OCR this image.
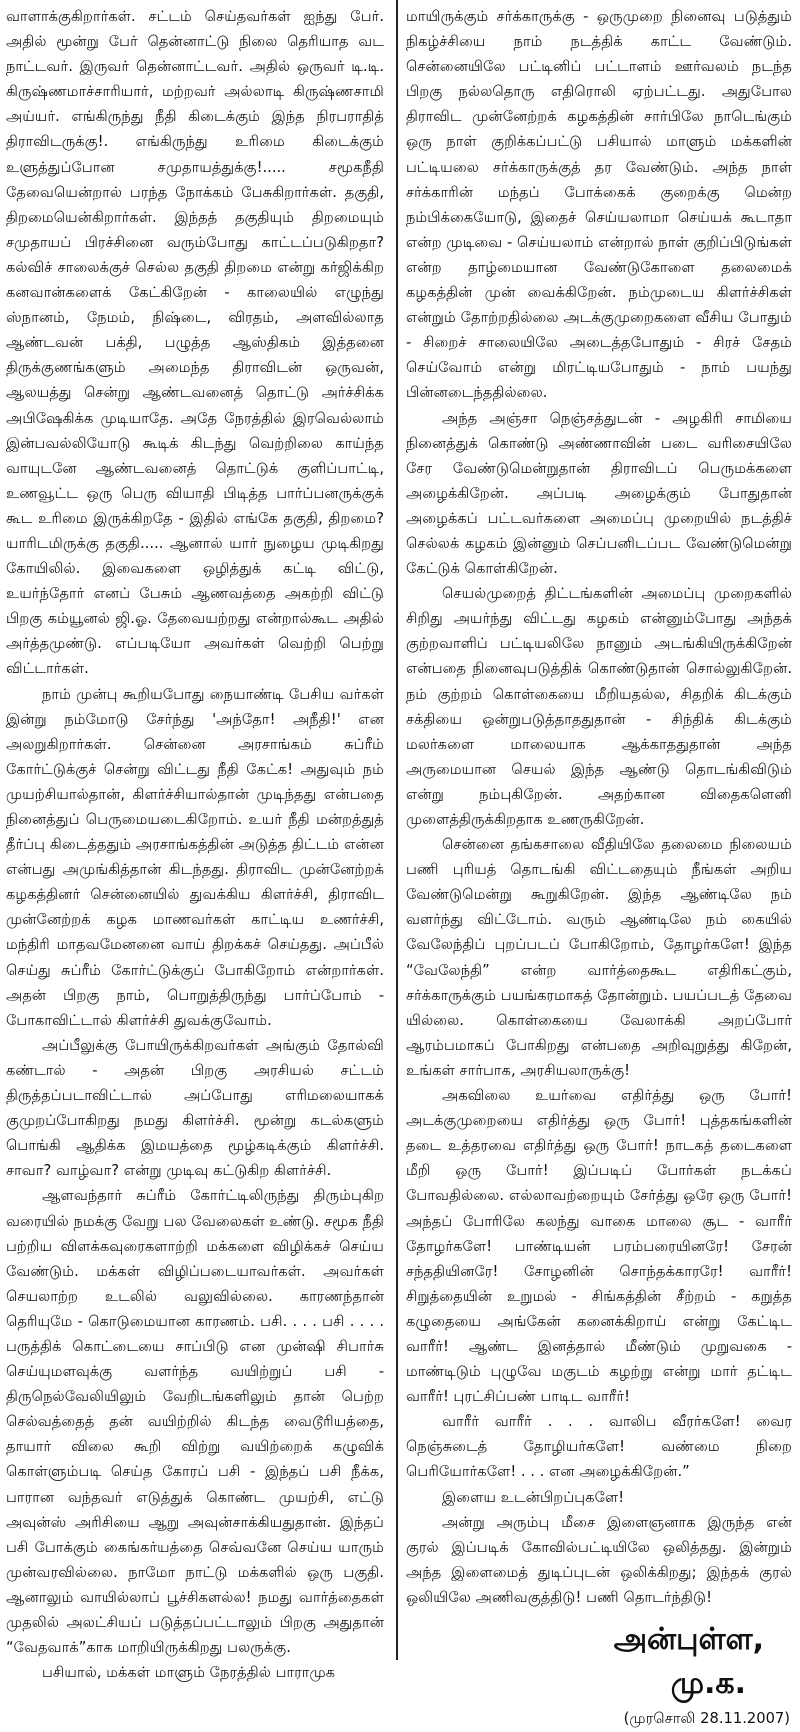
வாளாக்குகிறார்கள். சட்டம் செய்தவர்கள் ஐந்து பேர். அதில் மூன்று பேர் தென்னாட்டு நிலை தெரியாத வட நாட்டவர். இருவர் தென்னாட்டவர். அதில் ஒருவர் டி.டி. கிருஷ்ணமாச்சாரியார், மற்றவர் அல்லாடி கிருஷ்ணசாமி அய்யர். எங்கிருந்து நீதி கிடைக்கும் இந்த நிரபராதித் திராவிடருக்கு!. எங்கிருந்து உரிமை கிடைக்கும் உளுத்துப்போன சமுதாயத்துக்கு!..... சமூகநீதி தேவையென்றால் பரந்த நோக்கம் பேசுகிறார்கள். தகுதி, திறமையென்கிறார்கள். இந்தத் தகுதியும் திறமையும் சமுதாயப் பிரச்சினை வரும்போது காட்டப்படுகிறதா? கல்விச் சாலைக்குச் செல்ல தகுதி திறமை என்று கர்ஜிக்கிற கனவான்களைக் கேட்கிறேன் - காலையில் எழுந்து ஸ்நானம், நேமம், நிஷ்டை, விரதம், அளவில்லாத ஆண்டவன் பக்தி, பழுத்த ஆஸ்திகம் இத்தனை திருக்குணங்களும் அமைந்த திராவிடன் ஒருவன், ஆலயத்து சென்று ஆண்டவனைத் தொட்டு அர்ச்சிக்க அபிஷேகிக்க முடியாதே. அதே நேரத்தில் இரவெல்லாம் இன்பவல்லியோடு கூடிக் கிடந்து வெற்றிலை காய்ந்த வாயுடனே ஆண்டவனைத் தொட்டுக் குளிப்பாட்டி, உணவூட்ட ஒரு பெரு வியாதி பிடித்த பார்ப்பனருக்குக் கூட உரிமை இருக்கிறதே - இதில் எங்கே தகுதி, திறமை? யாரிடமிருக்கு தகுதி..... ஆனால் யார் நுழைய முடிகிறது கோயிலில். இவைகளை ஒழித்துக் கட்டி விட்டு, உயர்ந்தோர் எனப் பேசும் ஆணவத்தை அகற்றி விட்டு பிறகு கம்யூனல் ஜி.ஓ. தேவையற்றது என்றால்கூட அதில் அர்த்தமுண்டு. எப்படியோ அவர்கள் வெற்றி பெற்று விட்டார்கள்.

நாம் முன்பு கூறியபோது நையாண்டி பேசிய வர்கள் இன்று நம்மோடு சேர்ந்து 'அந்தோ! அநீதி!' என அலறுகிறார்கள். சென்னை அரசாங்கம் சுப்ரீம் கோர்ட்டுக்குச் சென்று விட்டது நீதி கேட்க! அதுவும் நம் முயற்சியால்தான், கிளர்ச்சியால்தான் முடிந்தது என்பதை நினைத்துப் பெருமையடைகிறோம். உயர் நீதி மன்றத்துத் தீர்ப்பு கிடைத்ததும் அரசாங்கத்தின் அடுத்த திட்டம் என்ன என்பது அமுங்கித்தான் கிடந்தது. திராவிட முன்னேற்றக் கழகத்தினர் சென்னையில் துவக்கிய கிளர்ச்சி, திராவிட முன்னேற்றக் கழக மாணவர்கள் காட்டிய உணர்ச்சி, மந்திரி மாதவமேனனை வாய் திறக்கச் செய்தது. அப்பீல் செய்து சுப்ரீம் கோர்ட்டுக்குப் போகிறோம் என்றார்கள். அதன் பிறகு நாம், பொறுத்திருந்து பார்ப்போம் - போகாவிட்டால் கிளர்ச்சி துவக்குவோம்.

அப்பீலுக்கு போயிருக்கிறவர்கள் அங்கும் தோல்வி கண்டால் - அதன் பிறகு அரசியல் சட்டம் திருத்தப்படாவிட்டால் அப்போது எரிமலையாகக் குமுறப்போகிறது நமது கிளர்ச்சி. மூன்று கடல்களும் பொங்கி ஆதிக்க இமயத்தை மூழ்கடிக்கும் கிளர்ச்சி. சாவா? வாழ்வா? என்று முடிவு கட்டுகிற கிளர்ச்சி.

ஆளவந்தார் சுப்ரீம் கோர்ட்டிலிருந்து திரும்புகிற வரையில் நமக்கு வேறு பல வேலைகள் உண்டு. சமூக நீதி பற்றிய விளக்கவுரைகளாற்றி மக்களை விழிக்கச் செய்ய வேண்டும். மக்கள் விழிப்படையாவர்கள். அவர்கள் செயலாற்ற உடலில் வலுவில்லை. காரணந்தான் தெரியுமே - கொடுமையான காரணம். பசி. . . . பசி . . . . பருத்திக் கொட்டையை சாப்பிடு என முன்ஷி சிபார்சு செய்யுமளவுக்கு வளர்ந்த வயிற்றுப் பசி - திருநெல்வேலியிலும் வேறிடங்களிலும் தான் பெற்ற செல்வத்தைத் தன் வயிற்றில் கிடந்த வைடூரியத்தை, தாயார் விலை கூறி விற்று வயிற்றைக் கழுவிக் கொள்ளும்படி செய்த கோரப் பசி - இந்தப் பசி நீக்க, பாரான வந்தவர் எடுத்துக் கொண்ட முயற்சி, எட்டு அவுன்ஸ் அரிசியை ஆறு அவுன்சாக்கியதுதான். இந்தப் பசி போக்கும் கைங்கர்யத்தை செவ்வனே செய்ய யாரும் முன்வரவில்லை. நாமோ நாட்டு மக்களில் ஒரு பகுதி. ஆனாலும் வாயில்லாப் பூச்சிகளல்ல! நமது வார்த்தைகள் முதலில் அலட்சியப் படுத்தப்பட்டாலும் பிறகு அதுதான் “வேதவாக்”காக மாறியிருக்கிறது பலருக்கு.

பசியால், மக்கள் மாளும் நேரத்தில் பாராமுக

மாயிருக்கும் சர்க்காருக்கு - ஒருமுறை நினைவு படுத்தும் நிகழ்ச்சியை நாம் நடத்திக் காட்ட வேண்டும். சென்னையிலே பட்டினிப் பட்டாளம் ஊர்வலம் நடந்த பிறகு நல்லதொரு எதிரொலி ஏற்பட்டது. அதுபோல திராவிட முன்னேற்றக் கழகத்தின் சார்பிலே நாடெங்கும் ஒரு நாள் குறிக்கப்பட்டு பசியால் மாளும் மக்களின் பட்டியலை சர்க்காருக்குத் தர வேண்டும். அந்த நாள் சர்க்காரின் மந்தப் போக்கைக் குறைக்கு மென்ற நம்பிக்கையோடு, இதைச் செய்யலாமா செய்யக் கூடாதா என்ற முடிவை - செய்யலாம் என்றால் நாள் குறிப்பிடுங்கள் என்ற தாழ்மையான வேண்டுகோளை தலைமைக் கழகத்தின் முன் வைக்கிறேன். நம்முடைய கிளர்ச்சிகள் என்றும் தோற்றதில்லை அடக்குமுறைகளை வீசிய போதும் - சிறைச் சாலையிலே அடைத்தபோதும் - சிரச் சேதம் செய்வோம் என்று மிரட்டியபோதும் - நாம் பயந்து பின்னடைந்ததில்லை.

அந்த அஞ்சா நெஞ்சத்துடன் - அழகிரி சாமியை நினைத்துக் கொண்டு அண்ணாவின் படை வரிசையிலே சேர வேண்டுமென்றுதான் திராவிடப் பெருமக்களை அழைக்கிறேன். அப்படி அழைக்கும் போதுதான் அழைக்கப் பட்டவர்களை அமைப்பு முறையில் நடத்திச் செல்லக் கழகம் இன்னும் செப்பனிடப்பட வேண்டுமென்று கேட்டுக் கொள்கிறேன்.

செயல்முறைத் திட்டங்களின் அமைப்பு முறைகளில் சிறிது அயர்ந்து விட்டது கழகம் என்னும்போது அந்தக் குற்றவாளிப் பட்டியலிலே நானும் அடங்கியிருக்கிறேன் என்பதை நினைவுபடுத்திக் கொண்டுதான் சொல்லுகிறேன். நம் குற்றம் கொள்கையை மீறியதல்ல, சிதறிக் கிடக்கும் சக்தியை ஒன்றுபடுத்தாததுதான் - சிந்திக் கிடக்கும் மலர்களை மாலையாக ஆக்காததுதான் அந்த அருமையான செயல் இந்த ஆண்டு தொடங்கிவிடும் என்று நம்புகிறேன். அதற்கான விதைகளெனி முளைத்திருக்கிறதாக உணருகிறேன்.

சென்னை தங்கசாலை வீதியிலே தலைமை நிலையம் பணி புரியத் தொடங்கி விட்டதையும் நீங்கள் அறிய வேண்டுமென்று கூறுகிறேன். இந்த ஆண்டிலே நம் வளர்ந்து விட்டோம். வரும் ஆண்டிலே நம் கையில் வேலேந்திப் புறப்படப் போகிறோம், தோழர்களே! இந்த “வேலேந்தி” என்ற வார்த்தைகூட எதிரிகட்கும், சர்க்காருக்கும் பயங்கரமாகத் தோன்றும். பயப்படத் தேவை யில்லை. கொள்கையை வேலாக்கி அறப்போர் ஆரம்பமாகப் போகிறது என்பதை அறிவுறுத்து கிறேன், உங்கள் சார்பாக, அரசியலாருக்கு!

அகவிலை உயர்வை எதிர்த்து ஒரு போர்! அடக்குமுறையை எதிர்த்து ஒரு போர்! புத்தகங்களின் தடை உத்தரவை எதிர்த்து ஒரு போர்! நாடகத் தடைகளை மீறி ஒரு போர்! இப்படிப் போர்கள் நடக்கப் போவதில்லை. எல்லாவற்றையும் சேர்த்து ஒரே ஒரு போர்! அந்தப் போரிலே கலந்து வாகை மாலை சூட - வாரீர் தோழர்களே! பாண்டியன் பரம்பரையினரே! சேரன் சந்ததியினரே! சோழனின் சொந்தக்காரரே! வாரீர்! சிறுத்தையின் உறுமல் - சிங்கத்தின் சீற்றம் - கறுத்த கழுதையை அங்கேன் கனைக்கிறாய் என்று கேட்டிட வாரீர்! ஆண்ட இனத்தால் மீண்டும் முறுவகை - மாண்டிடும் புழுவே மகுடம் கழற்று என்று மார் தட்டிட வாரீர்! புரட்சிப்பண் பாடிட வாரீர்!

வாரீர் வாரீர் . . . வாலிப வீரர்களே! வைர நெஞ்சுடைத் தோழியர்களே! வண்மை நிறை பெரியோர்களே! . . . என அழைக்கிறேன்.”

இளைய உடன்பிறப்புகளே!

அன்று அரும்பு மீசை இளைஞனாக இருந்த என் குரல் இப்படிக் கோவில்பட்டியிலே ஒலித்தது. இன்றும் அந்த இளைமைத் துடிப்புடன் ஒலிக்கிறது; இந்தக் குரல் ஒலியிலே அணிவகுத்திடு! பணி தொடர்ந்திடு!

அன்புள்ள,
மு.க.
(முரசொலி 28.11.2007)
